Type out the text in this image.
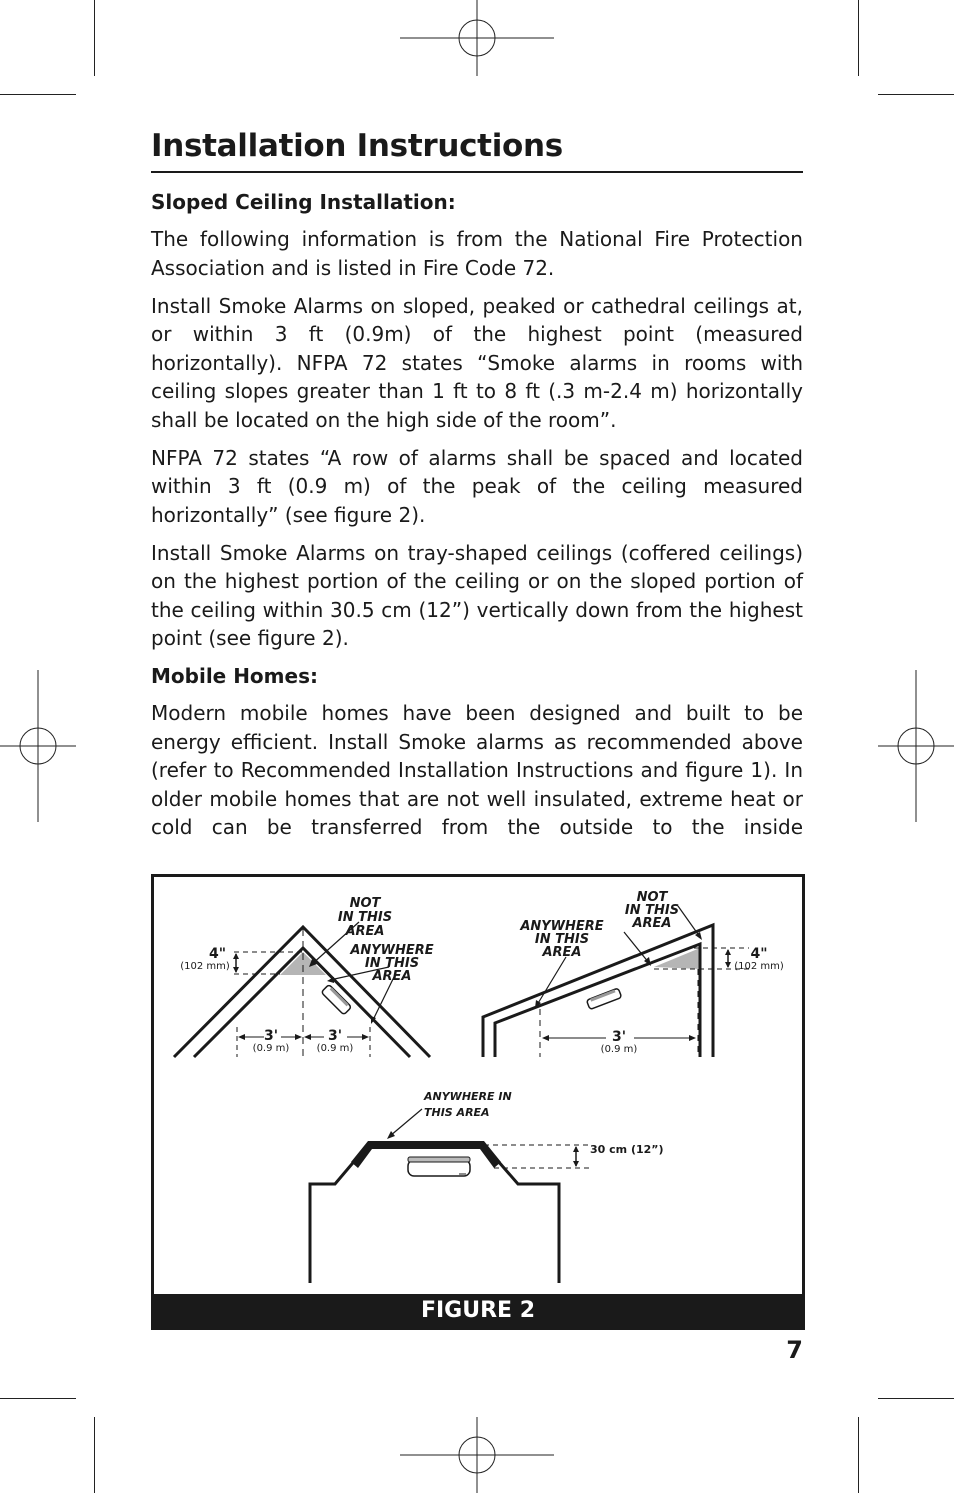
Installation Instructions
Sloped Ceiling Installation:

The following information is from the National Fire Protection Association and is listed in Fire Code 72.

Install Smoke Alarms on sloped, peaked or cathedral ceilings at, or within 3 ft (0.9m) of the highest point (measured horizontally). NFPA 72 states “Smoke alarms in rooms with ceiling slopes greater than 1 ft to 8 ft (.3 m-2.4 m) horizontally shall be located on the high side of the room”.

NFPA 72 states “A row of alarms shall be spaced and located within 3 ft (0.9 m) of the peak of the ceiling measured horizontally” (see figure 2).

Install Smoke Alarms on tray-shaped ceilings (coffered ceilings) on the highest portion of the ceiling or on the sloped portion of the ceiling within 30.5 cm (12”) vertically down from the highest point (see figure 2).

Mobile Homes:

Modern mobile homes have been designed and built to be energy efficient. Install Smoke alarms as recommended above (refer to Recommended Installation Instructions and figure 1). In older mobile homes that are not well insulated, extreme heat or cold can be transferred from the outside to the inside

NOT
IN THIS
AREA
ANYWHERE
IN THIS
AREA
4"
(102 mm)
3'
(0.9 m)
3'
(0.9 m)
NOT
IN THIS
AREA
ANYWHERE
IN THIS
AREA	4"
(102 mm)
3'
(0.9 m)
ANYWHERE IN
THIS AREA
30 cm (12”)
FIGURE 2
7
